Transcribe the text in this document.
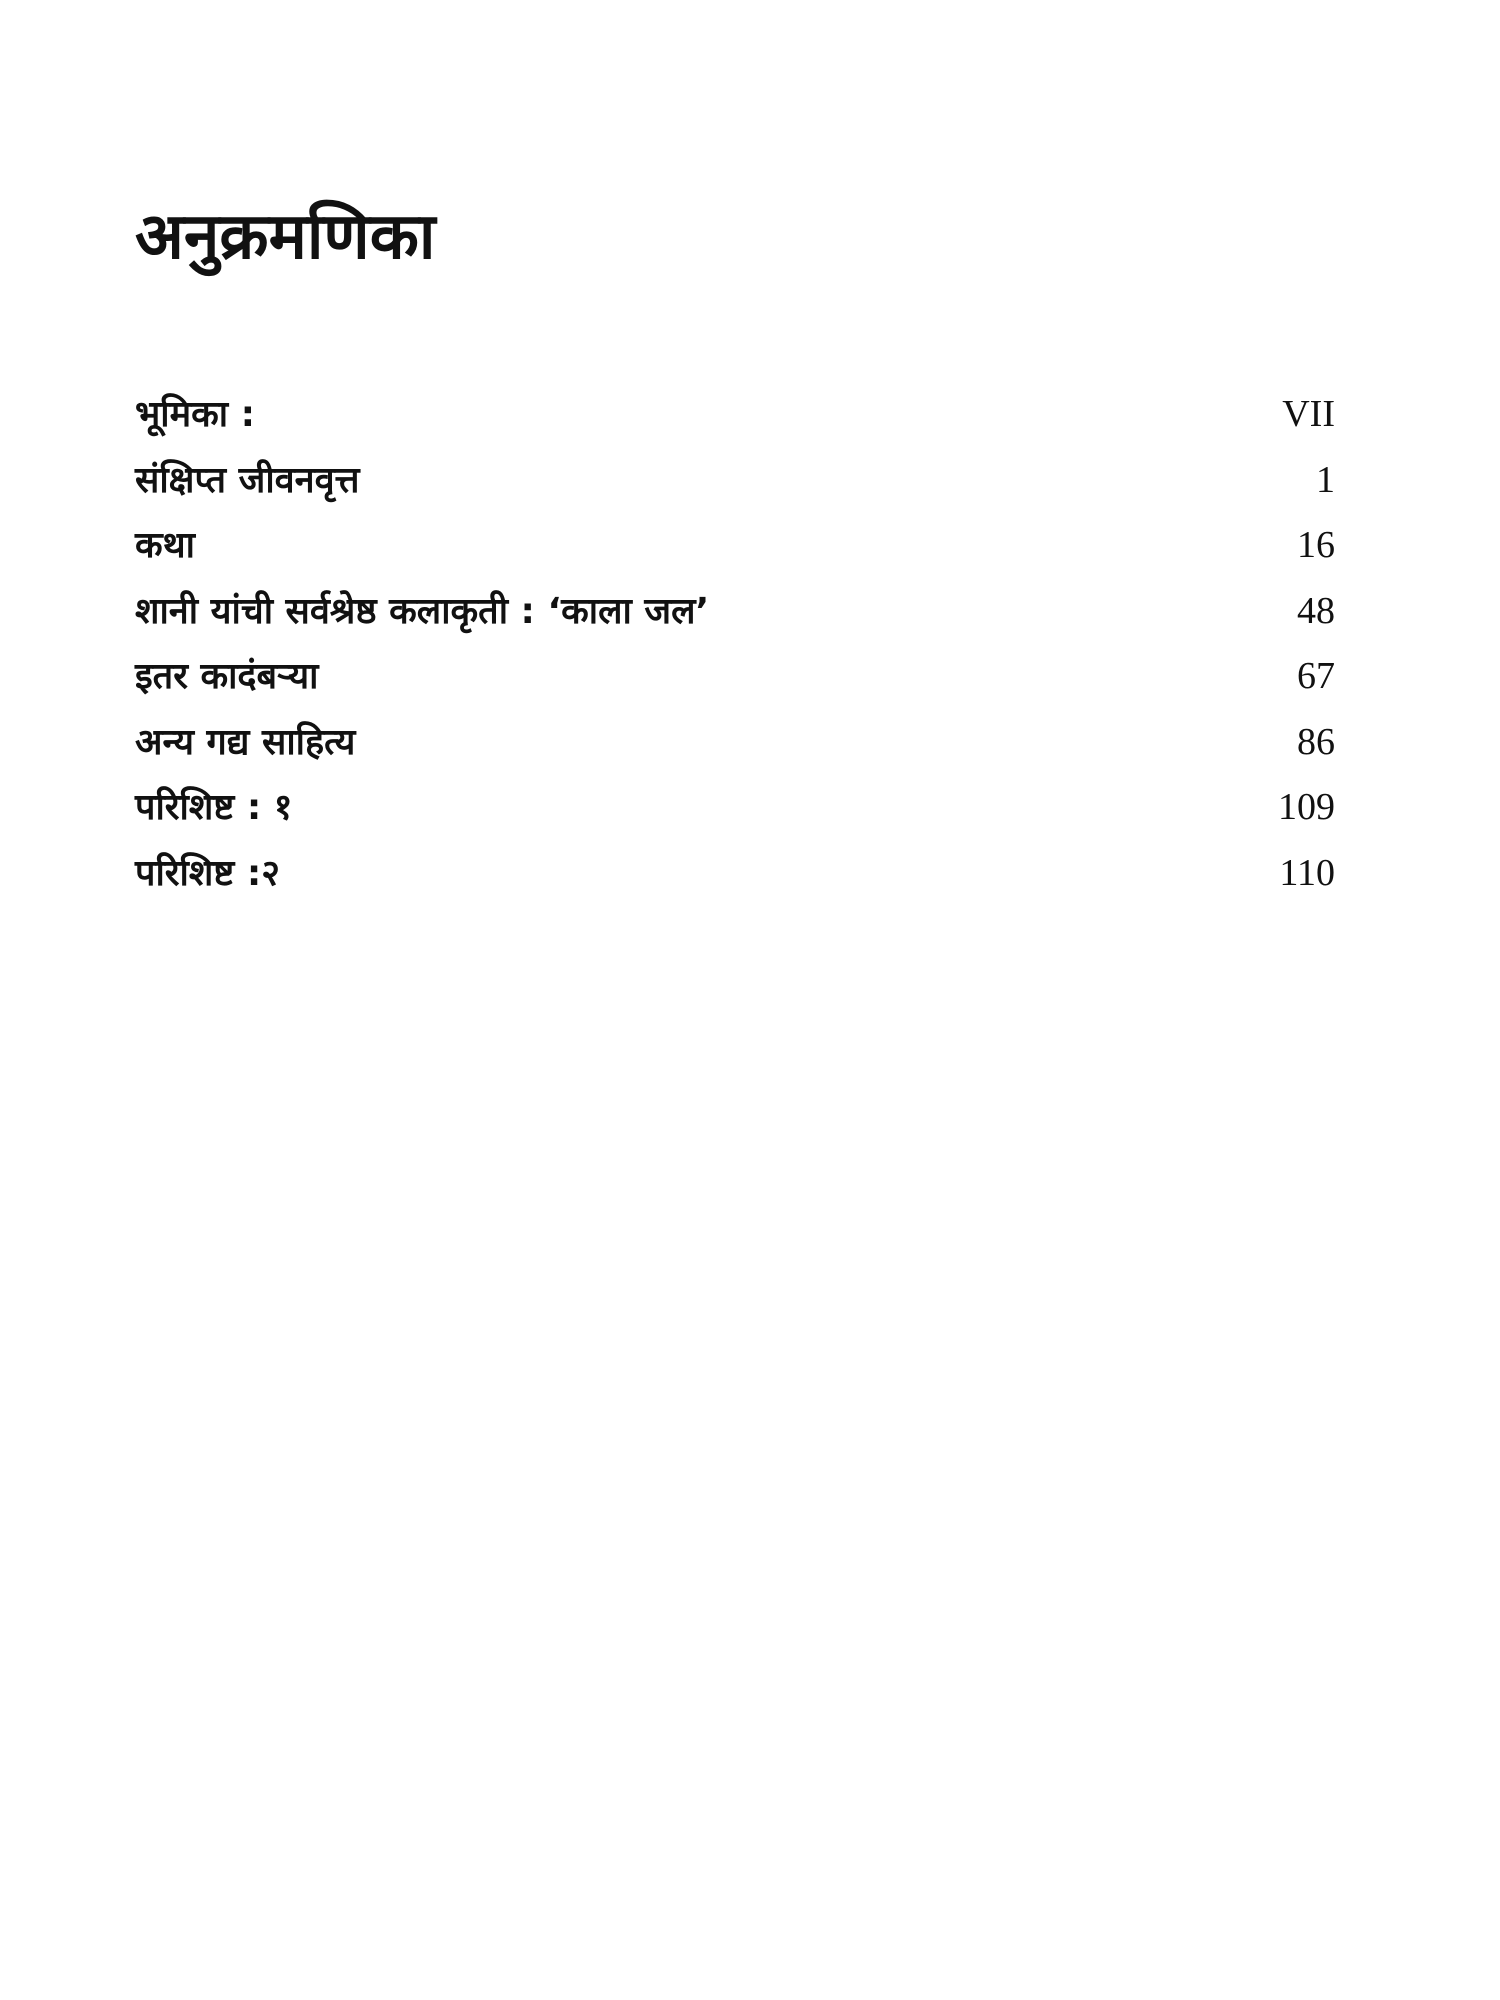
अनुक्रमणिका
भूमिका :	VII
संक्षिप्त जीवनवृत्त	1
कथा	16
शानी यांची सर्वश्रेष्ठ कलाकृती : ‘काला जल’	48
इतर कादंबऱ्या	67
अन्य गद्य साहित्य	86
परिशिष्ट : १	109
परिशिष्ट :२	110
